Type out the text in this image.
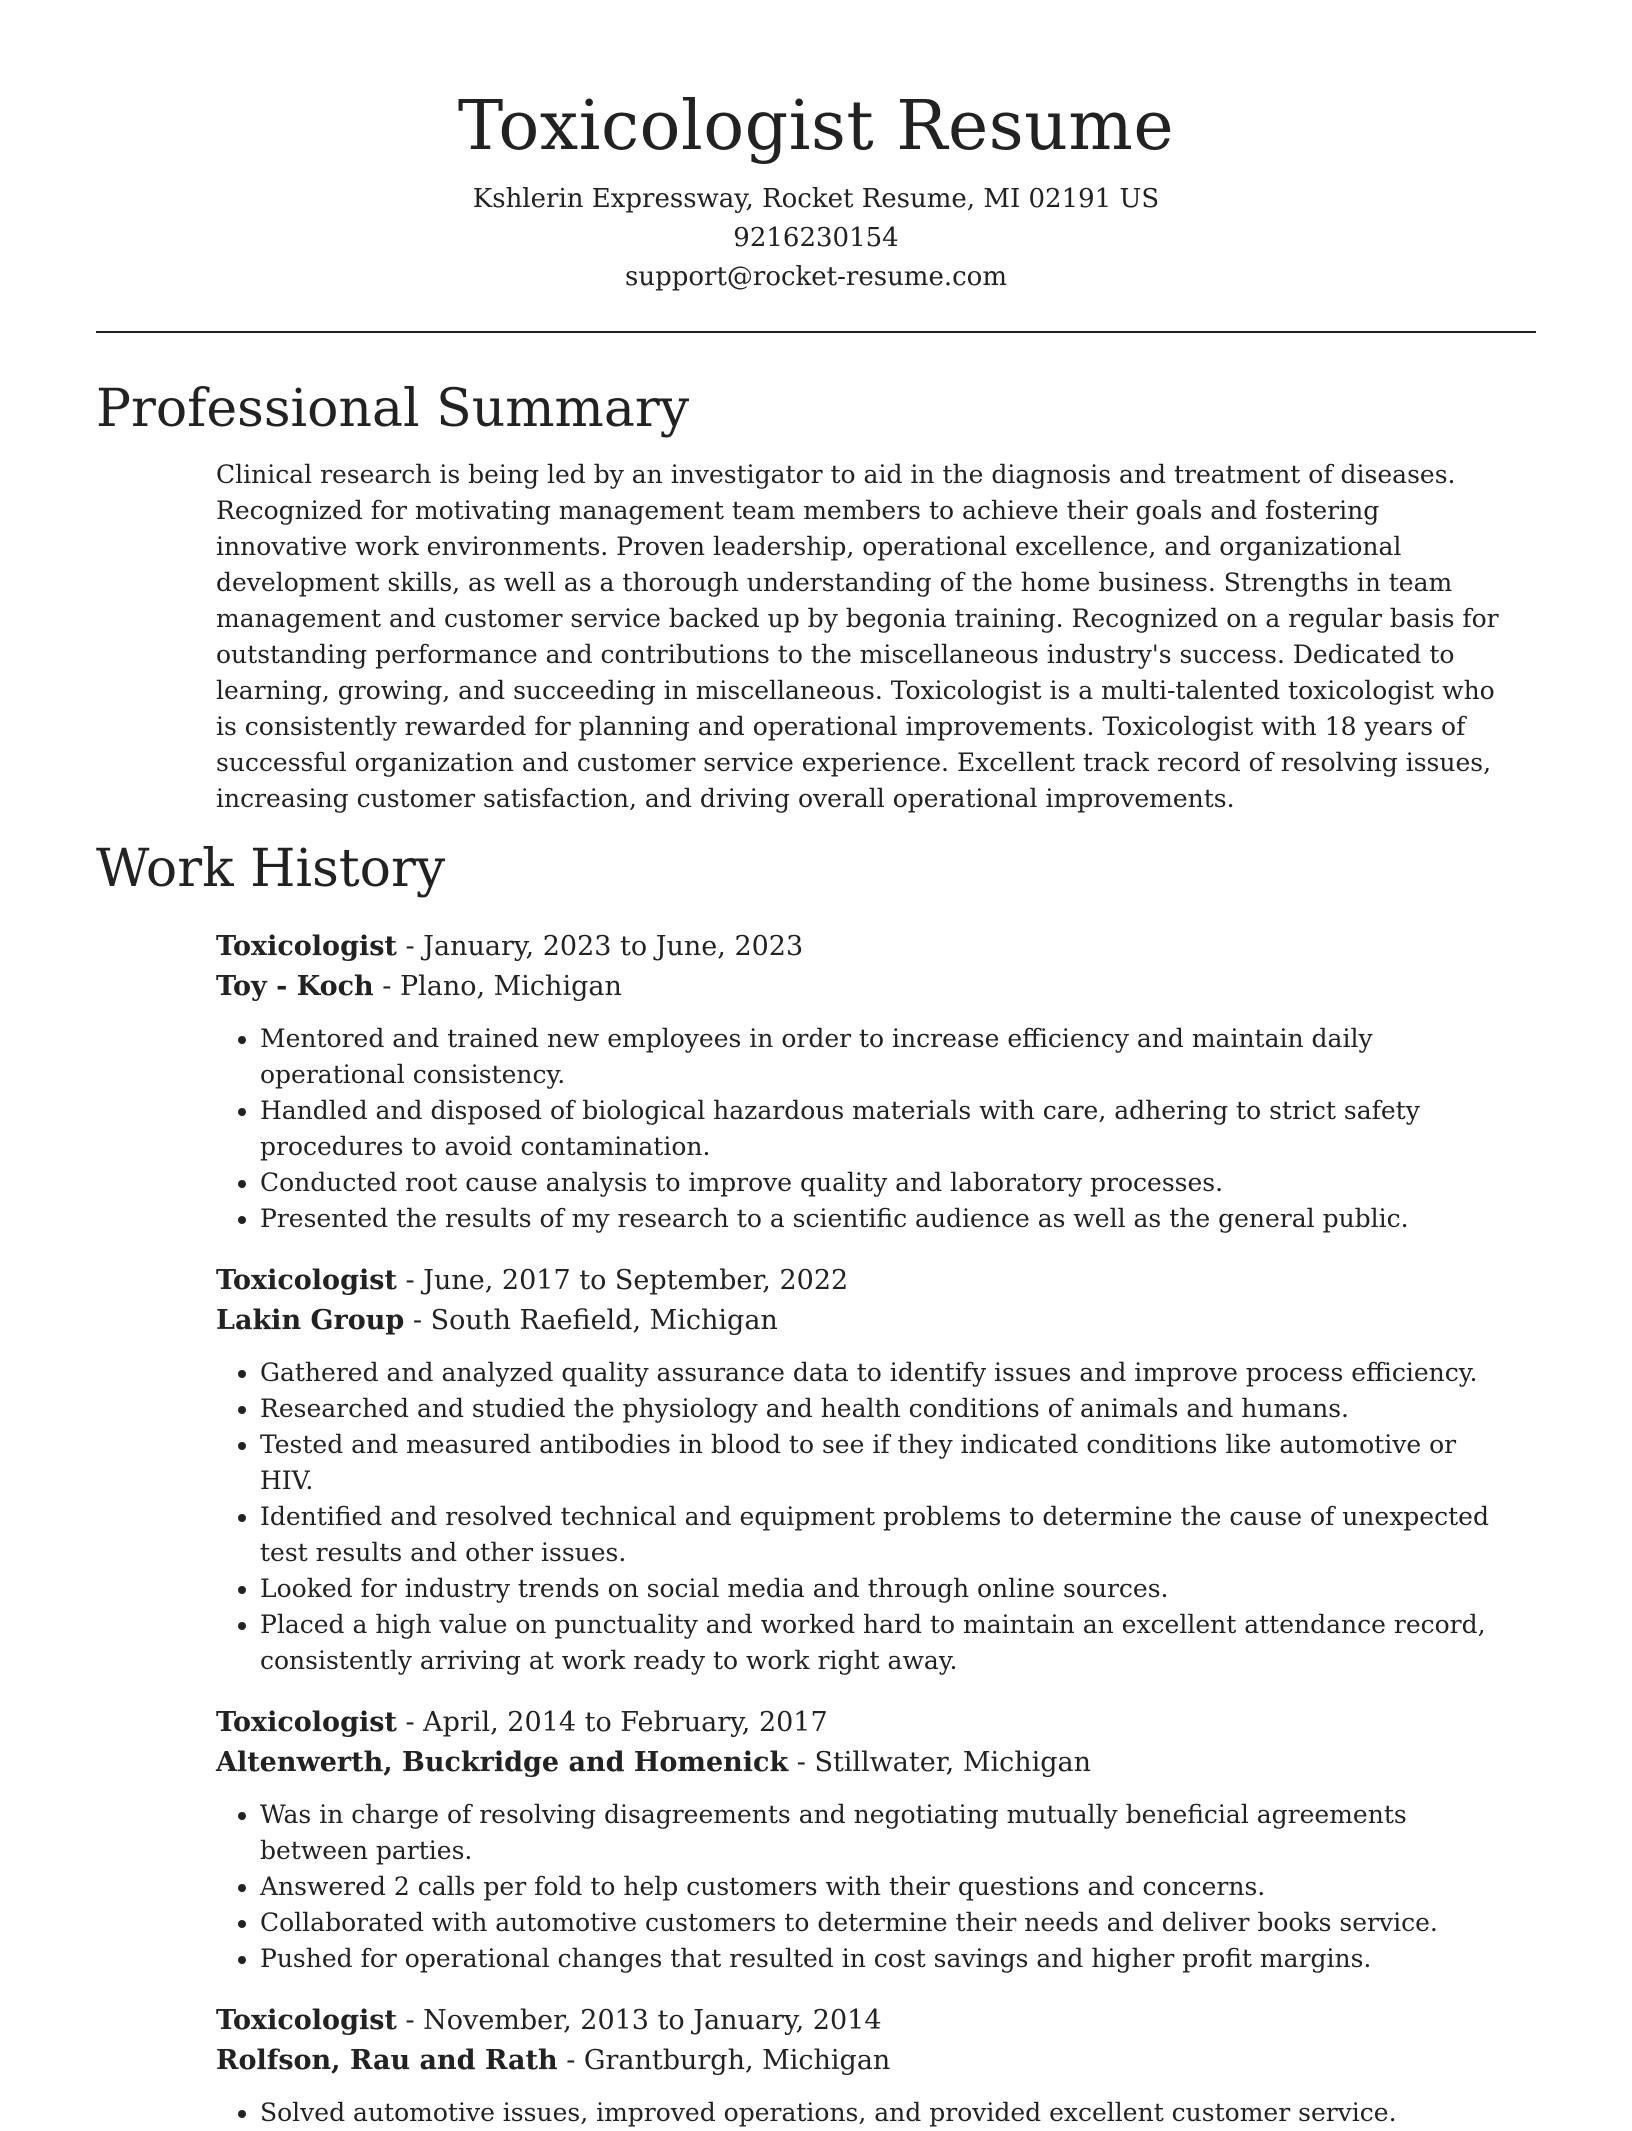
Toxicologist Resume
Kshlerin Expressway, Rocket Resume, MI 02191 US
9216230154
support@rocket-resume.com
Professional Summary

Clinical research is being led by an investigator to aid in the diagnosis and treatment of diseases. Recognized for motivating management team members to achieve their goals and fostering innovative work environments. Proven leadership, operational excellence, and organizational development skills, as well as a thorough understanding of the home business. Strengths in team management and customer service backed up by begonia training. Recognized on a regular basis for outstanding performance and contributions to the miscellaneous industry's success. Dedicated to learning, growing, and succeeding in miscellaneous. Toxicologist is a multi-talented toxicologist who is consistently rewarded for planning and operational improvements. Toxicologist with 18 years of successful organization and customer service experience. Excellent track record of resolving issues, increasing customer satisfaction, and driving overall operational improvements.

Work History
Toxicologist - January, 2023 to June, 2023
Toy - Koch - Plano, Michigan
• Mentored and trained new employees in order to increase efficiency and maintain daily operational consistency.
• Handled and disposed of biological hazardous materials with care, adhering to strict safety procedures to avoid contamination.
• Conducted root cause analysis to improve quality and laboratory processes.
• Presented the results of my research to a scientific audience as well as the general public.
Toxicologist - June, 2017 to September, 2022
Lakin Group - South Raefield, Michigan
• Gathered and analyzed quality assurance data to identify issues and improve process efficiency.
• Researched and studied the physiology and health conditions of animals and humans.
• Tested and measured antibodies in blood to see if they indicated conditions like automotive or HIV.
• Identified and resolved technical and equipment problems to determine the cause of unexpected test results and other issues.
• Looked for industry trends on social media and through online sources.
• Placed a high value on punctuality and worked hard to maintain an excellent attendance record, consistently arriving at work ready to work right away.
Toxicologist - April, 2014 to February, 2017
Altenwerth, Buckridge and Homenick - Stillwater, Michigan
• Was in charge of resolving disagreements and negotiating mutually beneficial agreements between parties.
• Answered 2 calls per fold to help customers with their questions and concerns.
• Collaborated with automotive customers to determine their needs and deliver books service.
• Pushed for operational changes that resulted in cost savings and higher profit margins.
Toxicologist - November, 2013 to January, 2014
Rolfson, Rau and Rath - Grantburgh, Michigan
• Solved automotive issues, improved operations, and provided excellent customer service.
